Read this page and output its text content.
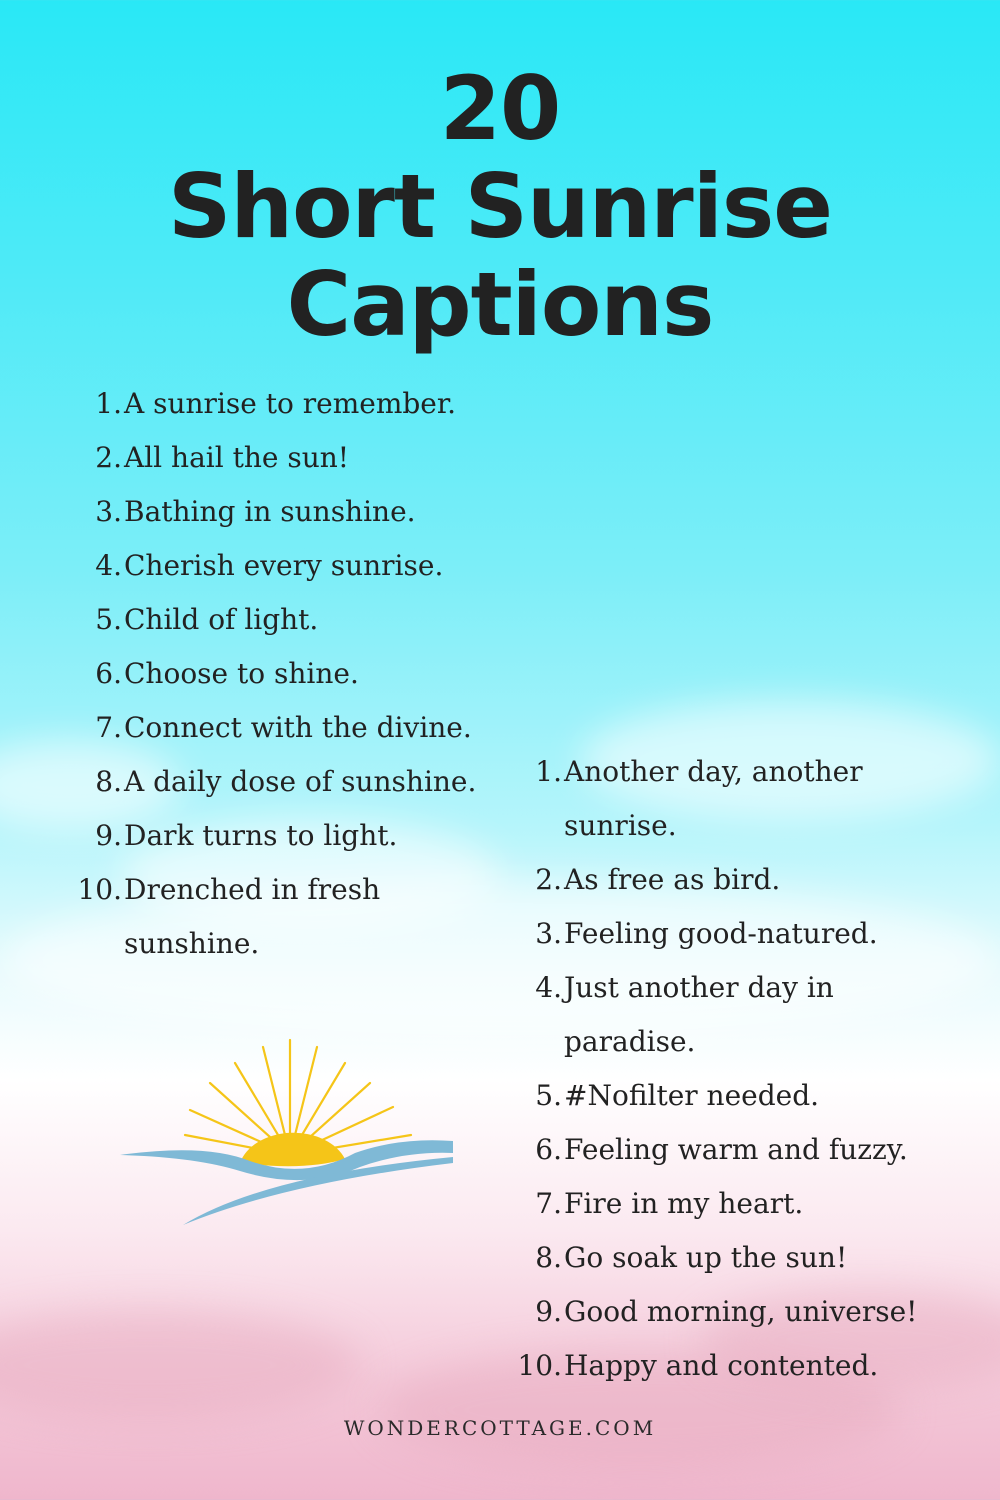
20
Short Sunrise
Captions
1. A sunrise to remember.
2. All hail the sun!
3. Bathing in sunshine.
4. Cherish every sunrise.
5. Child of light.
6. Choose to shine.
7. Connect with the divine.
8. A daily dose of sunshine.
9. Dark turns to light.
10. Drenched in fresh sunshine.
1. Another day, another sunrise.
2. As free as bird.
3. Feeling good-natured.
4. Just another day in paradise.
5. #Nofilter needed.
6. Feeling warm and fuzzy.
7. Fire in my heart.
8. Go soak up the sun!
9. Good morning, universe!
10. Happy and contented.
WONDERCOTTAGE.COM
